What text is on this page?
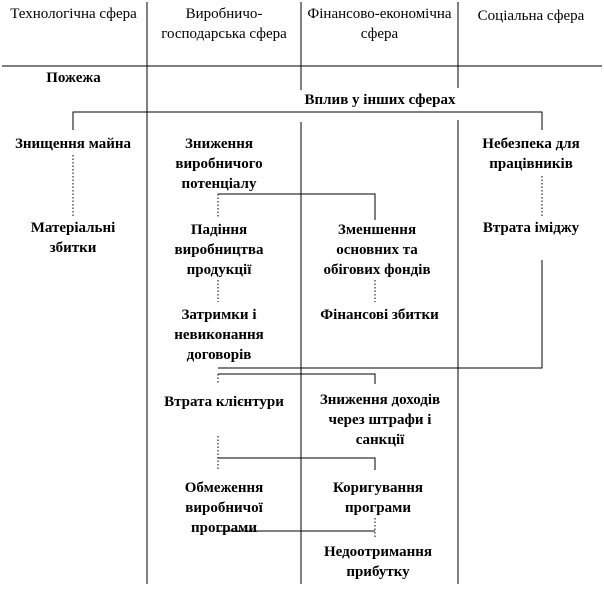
Технологічна сфера	Виробничо-господарська сфера
Фінансово-економічна сфера
Соціальна сфера
Пожежа
Вплив у інших сферах
Знищення майна
Матеріальні збитки
Зниження виробничого потенціалу
Падіння виробництва продукції
Затримки і невиконання договорів
Втрата клієнтури
Обмеження виробничої програми
Зменшення основних та обігових фондів
Фінансові збитки
Зниження доходів через штрафи і санкції
Коригування програми
Недоотримання прибутку
Небезпека для працівників
Втрата іміджу
